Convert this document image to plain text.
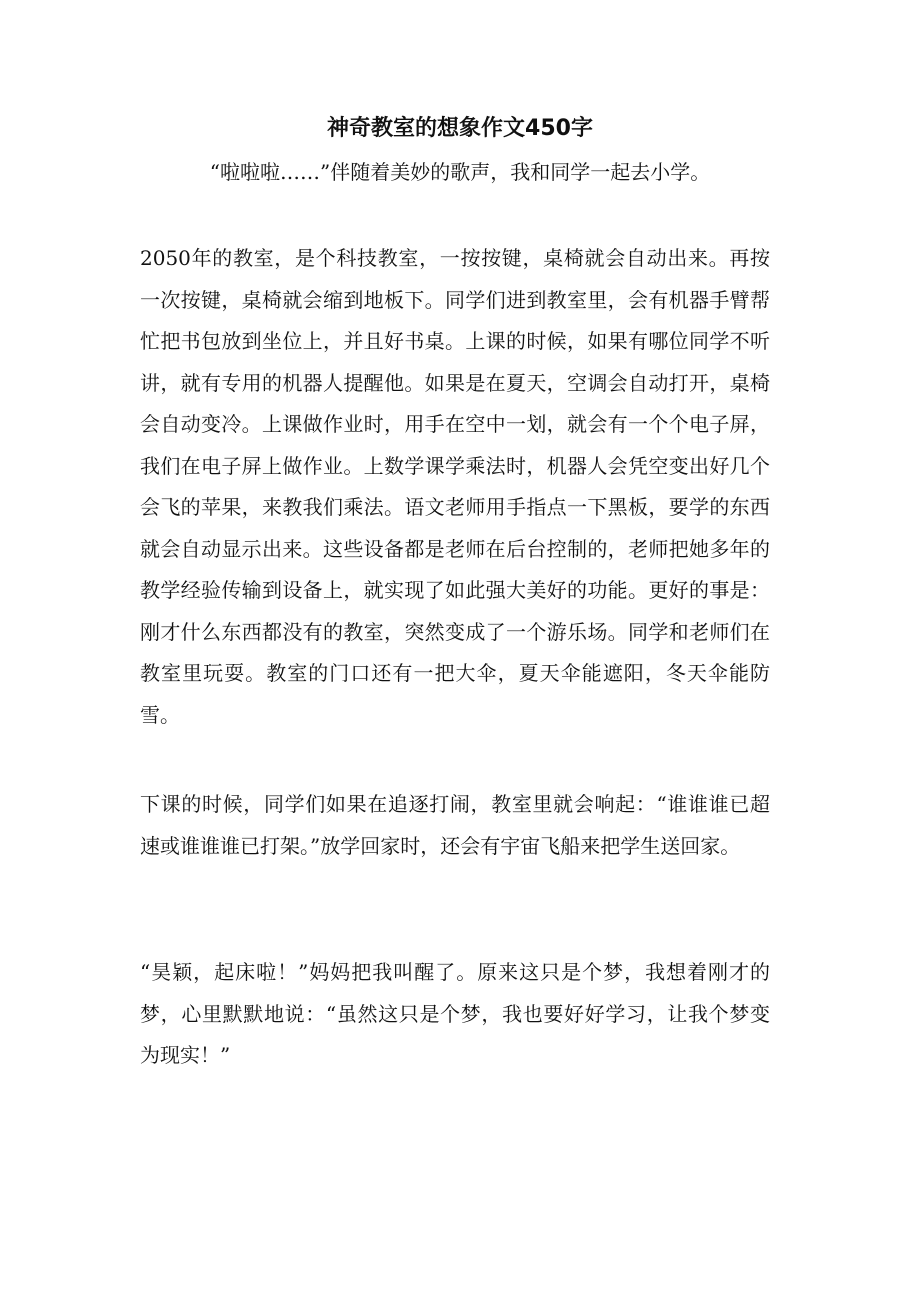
神奇教室的想象作文450字

“啦啦啦……”伴随着美妙的歌声，我和同学一起去小学。

2050年的教室，是个科技教室，一按按键，桌椅就会自动出来。再按一次按键，桌椅就会缩到地板下。同学们进到教室里，会有机器手臂帮忙把书包放到坐位上，并且好书桌。上课的时候，如果有哪位同学不听讲，就有专用的机器人提醒他。如果是在夏天，空调会自动打开，桌椅会自动变冷。上课做作业时，用手在空中一划，就会有一个个电子屏，我们在电子屏上做作业。上数学课学乘法时，机器人会凭空变出好几个会飞的苹果，来教我们乘法。语文老师用手指点一下黑板，要学的东西就会自动显示出来。这些设备都是老师在后台控制的，老师把她多年的教学经验传输到设备上，就实现了如此强大美好的功能。更好的事是：刚才什么东西都没有的教室，突然变成了一个游乐场。同学和老师们在教室里玩耍。教室的门口还有一把大伞，夏天伞能遮阳，冬天伞能防雪。

下课的时候，同学们如果在追逐打闹，教室里就会响起：“谁谁谁已超速或谁谁谁已打架。”放学回家时，还会有宇宙飞船来把学生送回家。

“昊颖，起床啦！”妈妈把我叫醒了。原来这只是个梦，我想着刚才的梦，心里默默地说：“虽然这只是个梦，我也要好好学习，让我个梦变为现实！”
